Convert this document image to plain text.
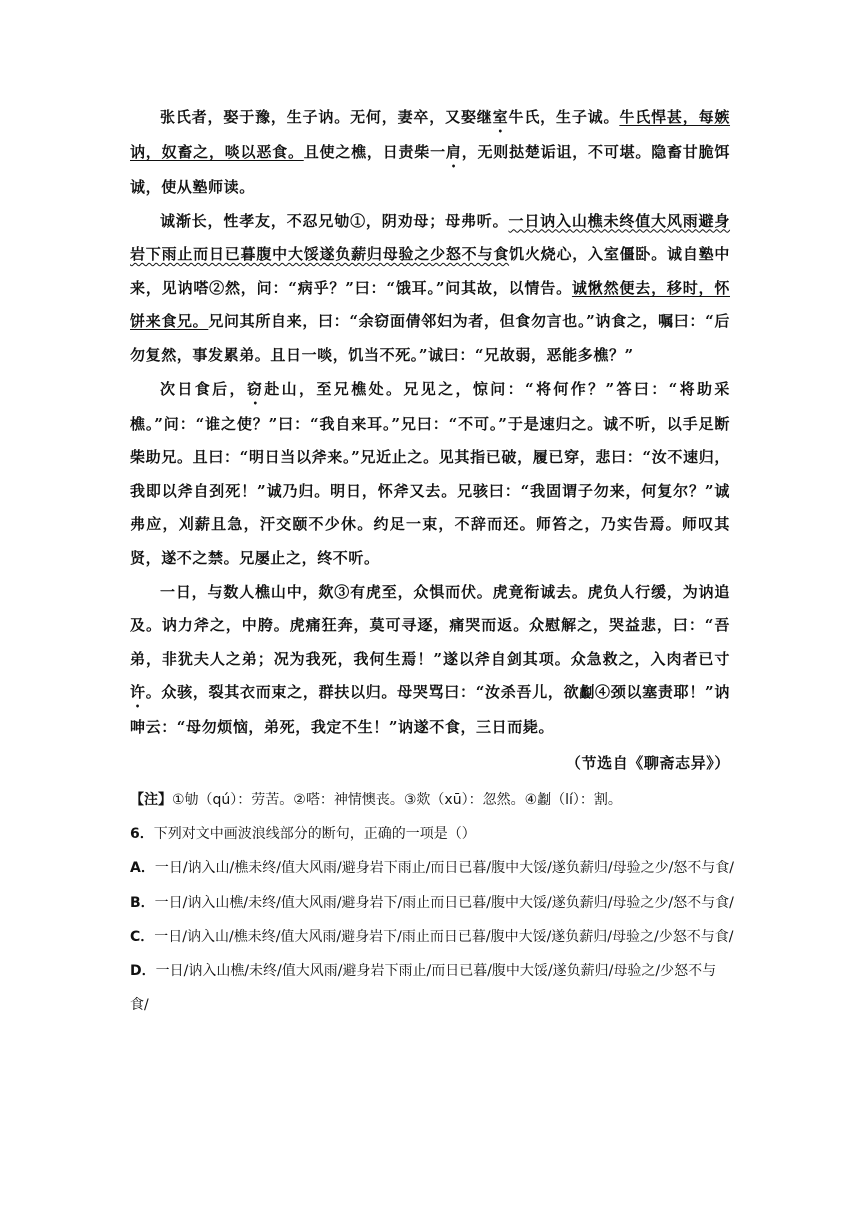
张氏者，娶于豫，生子讷。无何，妻卒，又娶继室牛氏，生子诚。牛氏悍甚，每嫉讷，奴畜之，啖以恶食。且使之樵，日责柴一肩，无则挞楚诟诅，不可堪。隐畜甘脆饵诚，使从塾师读。

诚渐长，性孝友，不忍兄劬①，阴劝母；母弗听。一日讷入山樵未终值大风雨避身岩下雨止而日已暮腹中大馁遂负薪归母验之少怒不与食饥火烧心，入室僵卧。诚自塾中来，见讷嗒②然，问：“病乎？”曰：“饿耳。”问其故，以情告。诚愀然便去，移时，怀饼来食兄。兄问其所自来，曰：“余窃面倩邻妇为者，但食勿言也。”讷食之，嘱曰：“后勿复然，事发累弟。且日一啖，饥当不死。”诚曰：“兄故弱，恶能多樵？”

次日食后，窃赴山，至兄樵处。兄见之，惊问：“将何作？”答曰：“将助采樵。”问：“谁之使？”曰：“我自来耳。”兄曰：“不可。”于是速归之。诚不听，以手足断柴助兄。且曰：“明日当以斧来。”兄近止之。见其指已破，履已穿，悲曰：“汝不速归，我即以斧自刭死！”诚乃归。明日，怀斧又去。兄骇曰：“我固谓子勿来，何复尔？”诚弗应，刈薪且急，汗交颐不少休。约足一束，不辞而还。师笞之，乃实告焉。师叹其贤，遂不之禁。兄屡止之，终不听。

一日，与数人樵山中，欻③有虎至，众惧而伏。虎竟衔诚去。虎负人行缓，为讷追及。讷力斧之，中胯。虎痛狂奔，莫可寻逐，痛哭而返。众慰解之，哭益悲，曰：“吾弟，非犹夫人之弟；况为我死，我何生焉！”遂以斧自剑其项。众急救之，入肉者已寸许。众骇，裂其衣而束之，群扶以归。母哭骂曰：“汝杀吾儿，欲劙④颈以塞责耶！”讷呻云：“母勿烦恼，弟死，我定不生！”讷遂不食，三日而毙。

（节选自《聊斋志异》）

【注】①劬（qú）：劳苦。②嗒：神情懊丧。③欻（xū）：忽然。④劙（lí）：割。
6．下列对文中画波浪线部分的断句，正确的一项是（）
A．一日/讷入山/樵未终/值大风雨/避身岩下雨止/而日已暮/腹中大馁/遂负薪归/母验之少/怒不与食/
B．一日/讷入山樵/未终/值大风雨/避身岩下/雨止而日已暮/腹中大馁/遂负薪归/母验之少/怒不与食/
C．一日/讷入山/樵未终/值大风雨/避身岩下/雨止而日已暮/腹中大馁/遂负薪归/母验之/少怒不与食/
D．一日/讷入山樵/未终/值大风雨/避身岩下雨止/而日已暮/腹中大馁/遂负薪归/母验之/少怒不与食/
